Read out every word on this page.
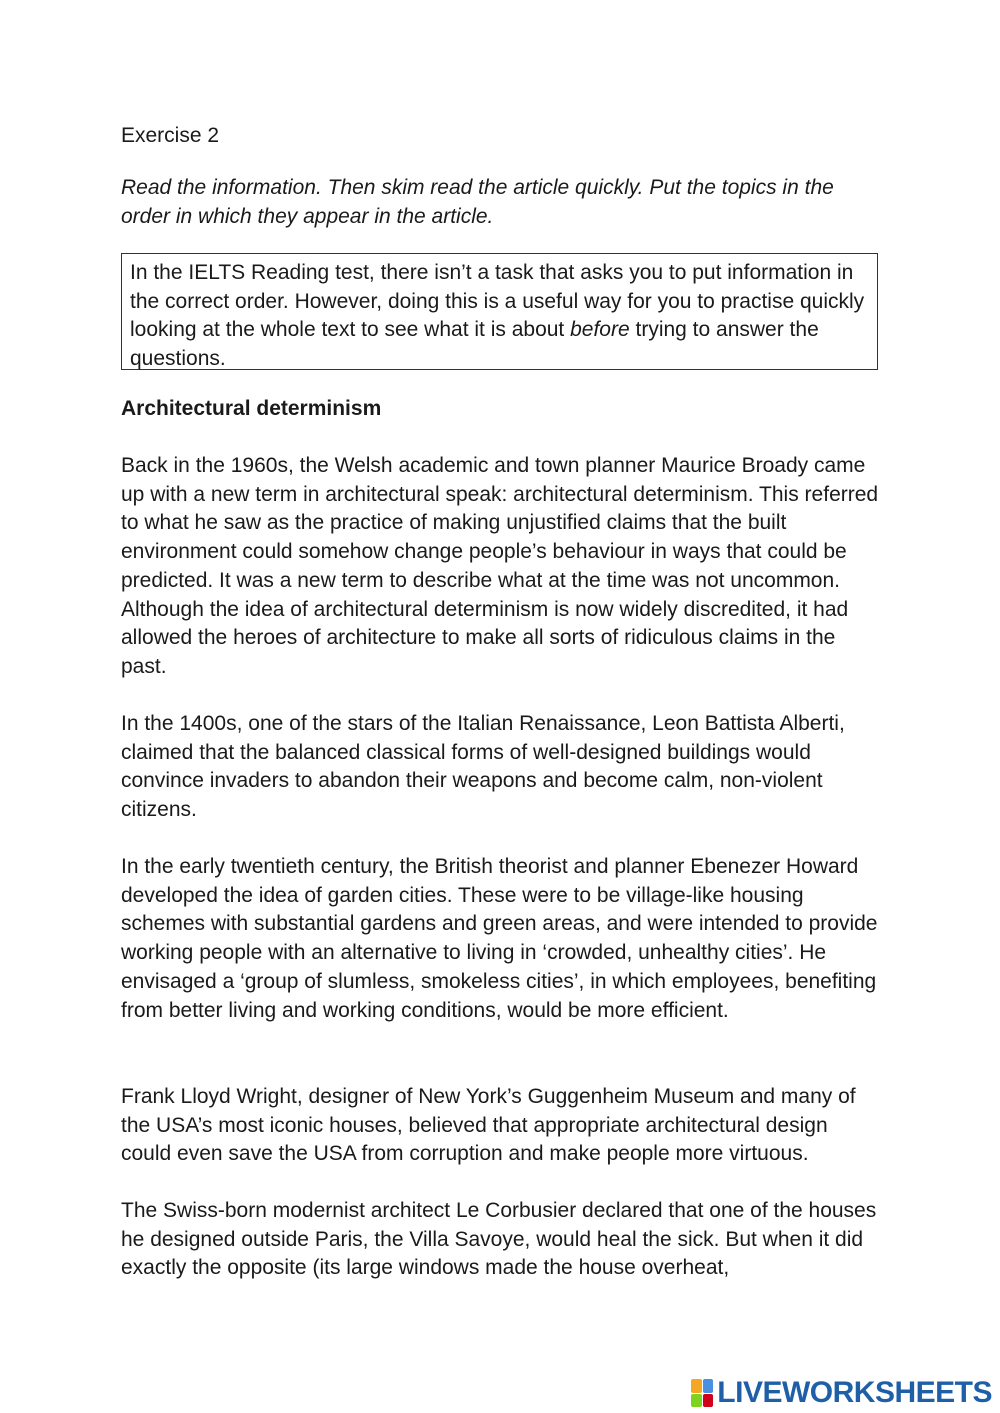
Exercise 2
Read the information. Then skim read the article quickly. Put the topics in the order in which they appear in the article.
In the IELTS Reading test, there isn’t a task that asks you to put information in the correct order. However, doing this is a useful way for you to practise quickly looking at the whole text to see what it is about before trying to answer the questions.
Architectural determinism

Back in the 1960s, the Welsh academic and town planner Maurice Broady came up with a new term in architectural speak: architectural determinism. This referred to what he saw as the practice of making unjustified claims that the built environment could somehow change people’s behaviour in ways that could be predicted. It was a new term to describe what at the time was not uncommon. Although the idea of architectural determinism is now widely discredited, it had allowed the heroes of architecture to make all sorts of ridiculous claims in the past.

In the 1400s, one of the stars of the Italian Renaissance, Leon Battista Alberti, claimed that the balanced classical forms of well-designed buildings would convince invaders to abandon their weapons and become calm, non-violent citizens.

In the early twentieth century, the British theorist and planner Ebenezer Howard developed the idea of garden cities. These were to be village-like housing schemes with substantial gardens and green areas, and were intended to provide working people with an alternative to living in ‘crowded, unhealthy cities’. He envisaged a ‘group of slumless, smokeless cities’, in which employees, benefiting from better living and working conditions, would be more efficient.

Frank Lloyd Wright, designer of New York’s Guggenheim Museum and many of the USA’s most iconic houses, believed that appropriate architectural design could even save the USA from corruption and make people more virtuous.

The Swiss-born modernist architect Le Corbusier declared that one of the houses he designed outside Paris, the Villa Savoye, would heal the sick. But when it did exactly the opposite (its large windows made the house overheat,

LIVEWORKSHEETS
